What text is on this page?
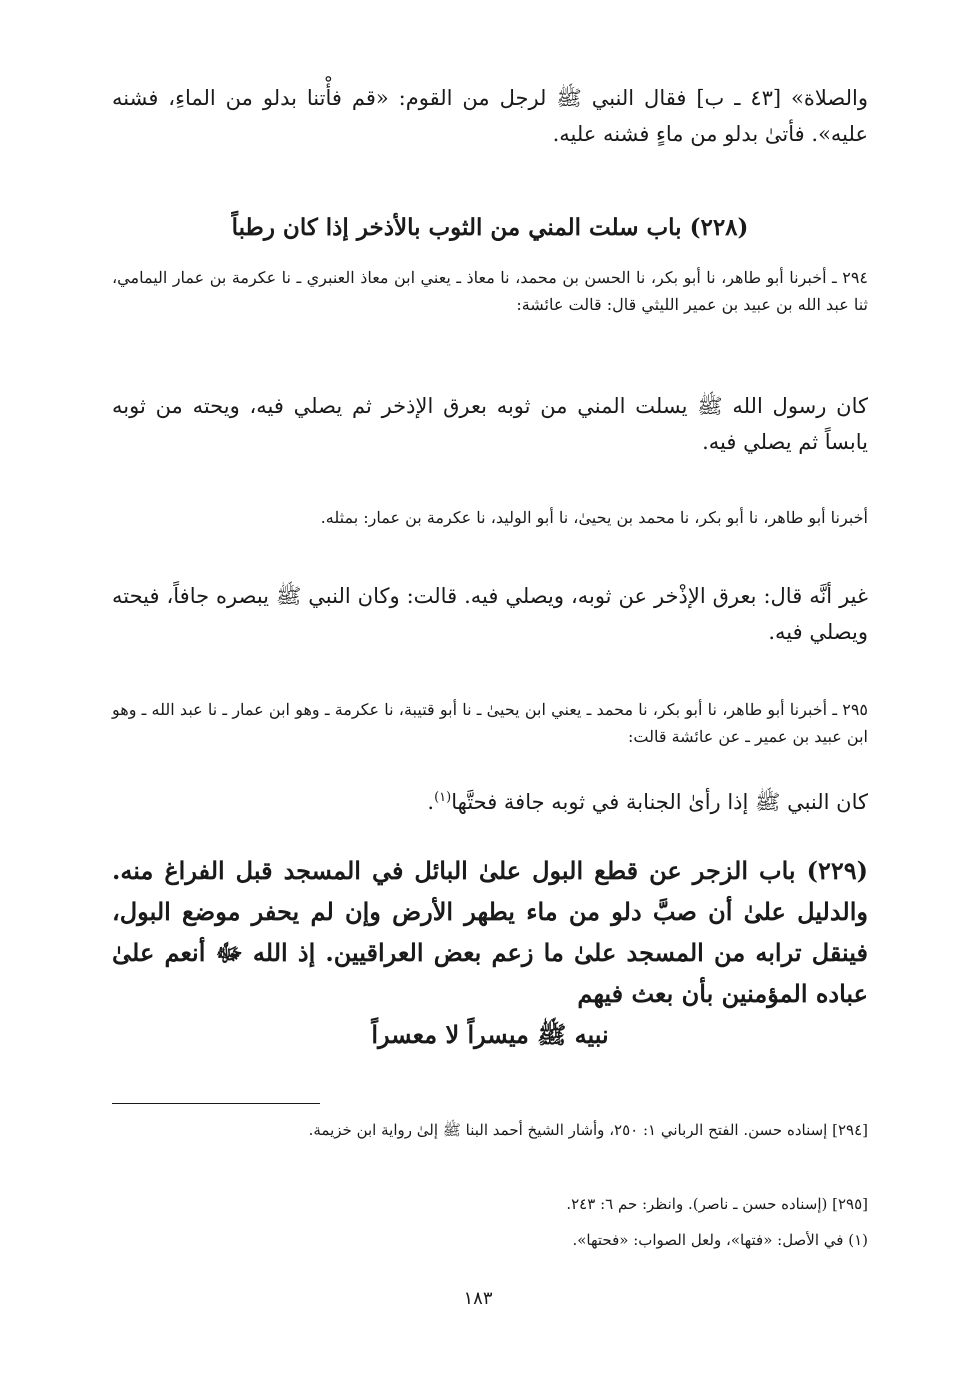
والصلاة» [٤٣ ـ ب] فقال النبي ﷺ لرجل من القوم: «قم فأْتنا بدلو من الماءِ، فشنه عليه». فأتىٰ بدلو من ماءٍ فشنه عليه.

(٢٢٨) باب سلت المني من الثوب بالأذخر إذا كان رطباً

٢٩٤ ـ أخبرنا أبو طاهر، نا أبو بكر، نا الحسن بن محمد، نا معاذ ـ يعني ابن معاذ العنبري ـ نا عكرمة بن عمار اليمامي، ثنا عبد الله بن عبيد بن عمير الليثي قال: قالت عائشة:

كان رسول الله ﷺ يسلت المني من ثوبه بعرق الإذخر ثم يصلي فيه، ويحته من ثوبه يابساً ثم يصلي فيه.

أخبرنا أبو طاهر، نا أبو بكر، نا محمد بن يحيىٰ، نا أبو الوليد، نا عكرمة بن عمار: بمثله.

غير أنَّه قال: بعرق الإذْخر عن ثوبه، ويصلي فيه. قالت: وكان النبي ﷺ يبصره جافاً، فيحته ويصلي فيه.

٢٩٥ ـ أخبرنا أبو طاهر، نا أبو بكر، نا محمد ـ يعني ابن يحيىٰ ـ نا أبو قتيبة، نا عكرمة ـ وهو ابن عمار ـ نا عبد الله ـ وهو ابن عبيد بن عمير ـ عن عائشة قالت:

كان النبي ﷺ إذا رأىٰ الجنابة في ثوبه جافة فحتَّها$^{(١)}$.

(٢٢٩) باب الزجر عن قطع البول علىٰ البائل في المسجد قبل الفراغ منه. والدليل علىٰ أن صبَّ دلو من ماء يطهر الأرض وإن لم يحفر موضع البول، فينقل ترابه من المسجد علىٰ ما زعم بعض العراقيين. إذ الله ﷻ أنعم علىٰ عباده المؤمنين بأن بعث فيهم
نبيه ﷺ ميسراً لا معسراً

[٢٩٤] إسناده حسن. الفتح الرباني ١: ٢٥٠، وأشار الشيخ أحمد البنا ﷺ إلىٰ رواية ابن خزيمة.

[٢٩٥] (إسناده حسن ـ ناصر). وانظر: حم ٦: ٢٤٣.

(١) في الأصل: «فتها»، ولعل الصواب: «فحتها».

١٨٣
